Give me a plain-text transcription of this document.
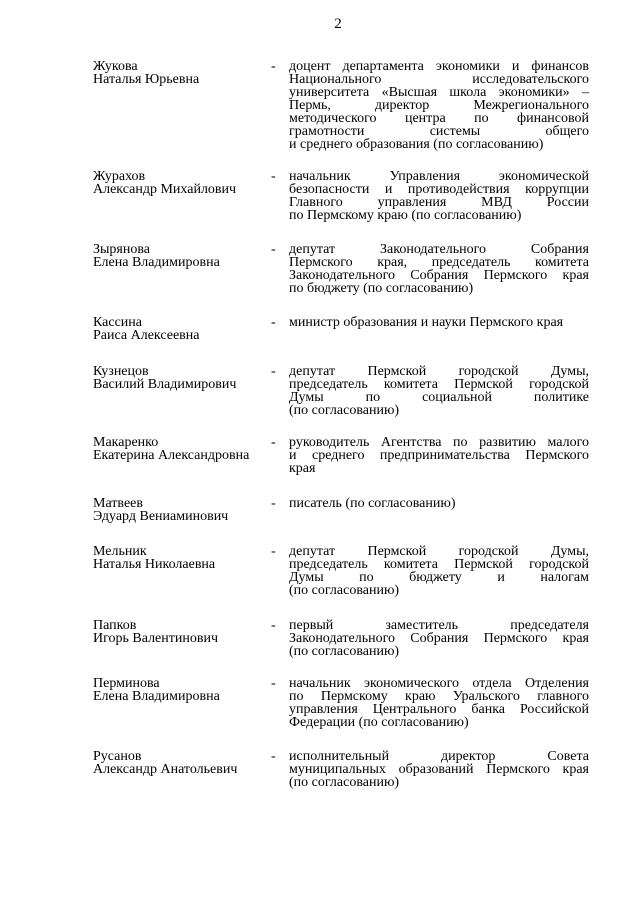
2
Жукова
Наталья Юрьевна
- доцент департамента экономики и финансов
Национального исследовательского
университета «Высшая школа экономики» –
Пермь, директор Межрегионального
методического центра по финансовой
грамотности системы общего
и среднего образования (по согласованию)
Журахов
Александр Михайлович
- начальник Управления экономической
безопасности и противодействия коррупции
Главного управления МВД России
по Пермскому краю (по согласованию)
Зырянова
Елена Владимировна
- депутат Законодательного Собрания
Пермского края, председатель комитета
Законодательного Собрания Пермского края
по бюджету (по согласованию)
Кассина
Раиса Алексеевна
- министр образования и науки Пермского края
Кузнецов
Василий Владимирович
- депутат Пермской городской Думы,
председатель комитета Пермской городской
Думы по социальной политике
(по согласованию)
Макаренко
Екатерина Александровна
- руководитель Агентства по развитию малого
и среднего предпринимательства Пермского
края
Матвеев
Эдуард Вениаминович
- писатель (по согласованию)
Мельник
Наталья Николаевна
- депутат Пермской городской Думы,
председатель комитета Пермской городской
Думы по бюджету и налогам
(по согласованию)
Папков
Игорь Валентинович
- первый заместитель председателя
Законодательного Собрания Пермского края
(по согласованию)
Перминова
Елена Владимировна
- начальник экономического отдела Отделения
по Пермскому краю Уральского главного
управления Центрального банка Российской
Федерации (по согласованию)
Русанов
Александр Анатольевич
- исполнительный директор Совета
муниципальных образований Пермского края
(по согласованию)
